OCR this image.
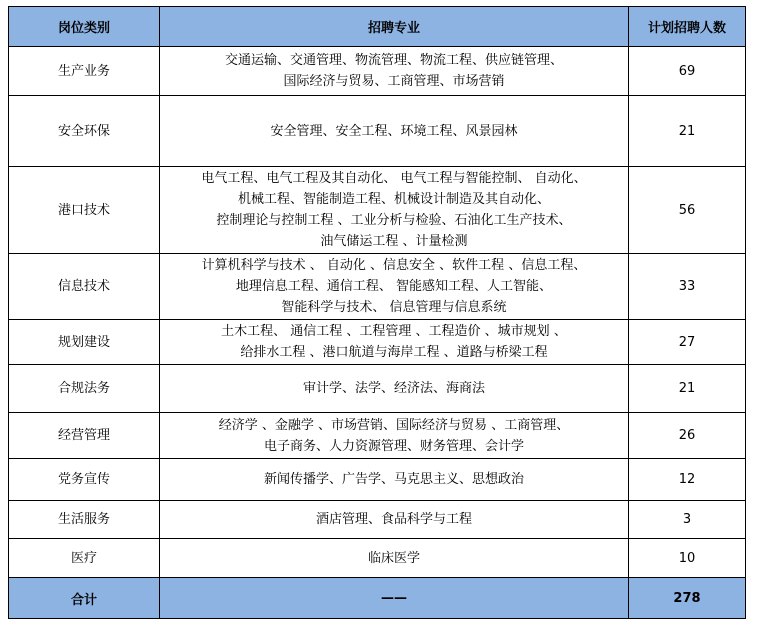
岗位类别	招聘专业	计划招聘人数
生产业务	交通运输、交通管理、物流管理、物流工程、供应链管理、
国际经济与贸易、工商管理、市场营销	69
安全环保	安全管理、安全工程、环境工程、风景园林	21
港口技术	电气工程、电气工程及其自动化、 电气工程与智能控制、 自动化、
机械工程、智能制造工程、机械设计制造及其自动化、
控制理论与控制工程 、工业分析与检验、石油化工生产技术、
油气储运工程 、计量检测	56
信息技术	计算机科学与技术 、 自动化 、信息安全 、软件工程 、信息工程、
地理信息工程、通信工程、 智能感知工程、人工智能、
智能科学与技术、 信息管理与信息系统	33
规划建设	土木工程、 通信工程 、工程管理 、工程造价 、城市规划 、
给排水工程 、港口航道与海岸工程 、道路与桥梁工程	27
合规法务	审计学、法学、经济法、海商法	21
经营管理	经济学 、金融学 、市场营销、国际经济与贸易 、工商管理、
电子商务、人力资源管理、财务管理、会计学	26
党务宣传	新闻传播学、广告学、马克思主义、思想政治	12
生活服务	酒店管理、食品科学与工程	3
医疗	临床医学	10
合计	——	278
